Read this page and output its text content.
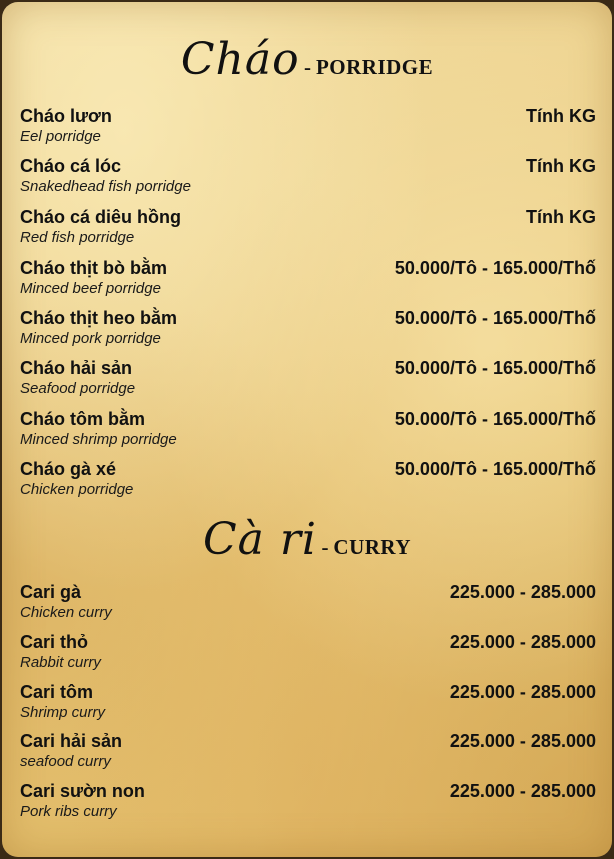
Cháo - PORRIDGE
Cháo lươn
Eel porridge
Tính KG
Cháo cá lóc
Snakedhead fish porridge
Tính KG
Cháo cá diêu hồng
Red fish porridge
Tính KG
Cháo thịt bò bằm
Minced beef porridge
50.000/Tô - 165.000/Thố
Cháo thịt heo bằm
Minced pork porridge
50.000/Tô - 165.000/Thố
Cháo hải sản
Seafood porridge
50.000/Tô - 165.000/Thố
Cháo tôm bằm
Minced shrimp porridge
50.000/Tô - 165.000/Thố
Cháo gà xé
Chicken porridge
50.000/Tô - 165.000/Thố
Cà ri - CURRY
Cari gà
Chicken curry
225.000 - 285.000
Cari thỏ
Rabbit curry
225.000 - 285.000
Cari tôm
Shrimp curry
225.000 - 285.000
Cari hải sản
seafood curry
225.000 - 285.000
Cari sườn non
Pork ribs curry
225.000 - 285.000
